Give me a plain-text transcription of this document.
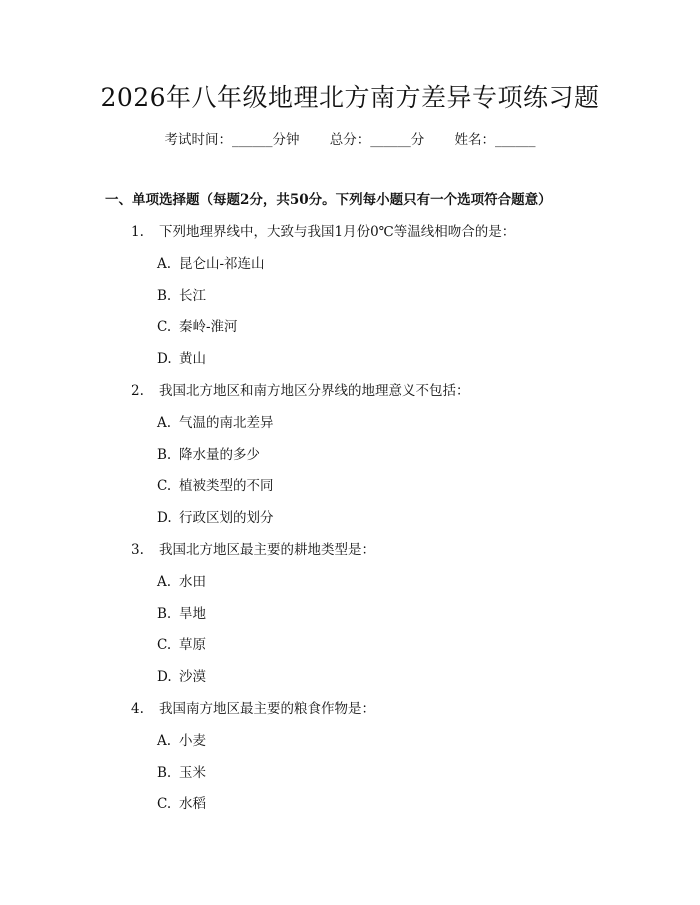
2026年八年级地理北方南方差异专项练习题
考试时间：______分钟 总分：______分 姓名：______
一、单项选择题（每题2分，共50分。下列每小题只有一个选项符合题意）
1. 下列地理界线中，大致与我国1月份0℃等温线相吻合的是：
A. 昆仑山-祁连山
B. 长江
C. 秦岭-淮河
D. 黄山
2. 我国北方地区和南方地区分界线的地理意义不包括：
A. 气温的南北差异
B. 降水量的多少
C. 植被类型的不同
D. 行政区划的划分
3. 我国北方地区最主要的耕地类型是：
A. 水田
B. 旱地
C. 草原
D. 沙漠
4. 我国南方地区最主要的粮食作物是：
A. 小麦
B. 玉米
C. 水稻
